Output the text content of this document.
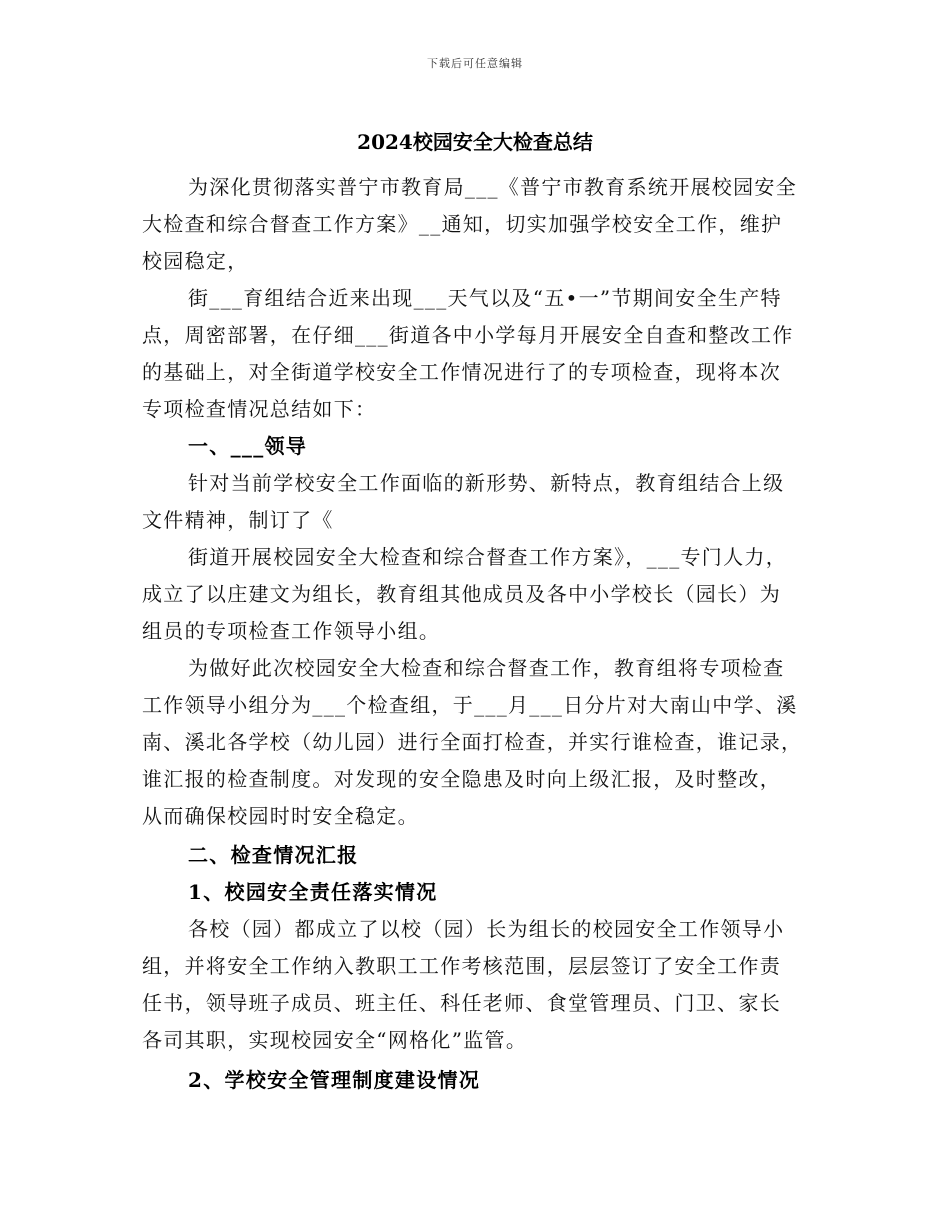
下载后可任意编辑
2024校园安全大检查总结
为深化贯彻落实普宁市教育局___《普宁市教育系统开展校园安全
大检查和综合督查工作方案》__通知，切实加强学校安全工作，维护
校园稳定，
街___育组结合近来出现___天气以及“五•一”节期间安全生产特
点，周密部署，在仔细___街道各中小学每月开展安全自查和整改工作
的基础上，对全街道学校安全工作情况进行了的专项检查，现将本次
专项检查情况总结如下：
一、___领导
针对当前学校安全工作面临的新形势、新特点，教育组结合上级
文件精神，制订了《
街道开展校园安全大检查和综合督查工作方案》，___专门人力，
成立了以庄建文为组长，教育组其他成员及各中小学校长（园长）为
组员的专项检查工作领导小组。
为做好此次校园安全大检查和综合督查工作，教育组将专项检查
工作领导小组分为___个检查组，于___月___日分片对大南山中学、溪
南、溪北各学校（幼儿园）进行全面打检查，并实行谁检查，谁记录，
谁汇报的检查制度。对发现的安全隐患及时向上级汇报，及时整改，
从而确保校园时时安全稳定。
二、检查情况汇报
1、校园安全责任落实情况
各校（园）都成立了以校（园）长为组长的校园安全工作领导小
组，并将安全工作纳入教职工工作考核范围，层层签订了安全工作责
任书，领导班子成员、班主任、科任老师、食堂管理员、门卫、家长
各司其职，实现校园安全“网格化”监管。
2、学校安全管理制度建设情况
